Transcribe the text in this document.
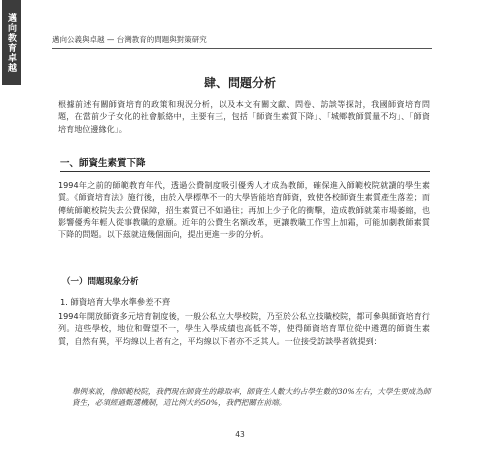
邁向教育卓越	邁向公義與卓越 — 台灣教育的問題與對策研究
肆、問題分析
根據前述有關師資培育的政策和現況分析，以及本文有關文獻、問卷、訪談等探討，我國師資培育問題，在當前少子女化的社會脈絡中，主要有三，包括「師資生素質下降」、「城鄉教師質量不均」、「師資培育地位邊緣化」。
一、師資生素質下降
1994年之前的師範教育年代，透過公費制度吸引優秀人才成為教師，確保進入師範校院就讀的學生素質。《師資培育法》施行後，由於入學標準不一的大學皆能培育師資，致使各校師資生素質產生落差；而傳統師範校院失去公費保障，招生素質已不如過往；再加上少子化的衝擊，造成教師就業市場萎縮，也影響優秀年輕人從事教職的意願。近年的公費生名額改革，更讓教職工作雪上加霜，可能加劇教師素質下降的問題。以下茲就這幾個面向，提出更進一步的分析。
（一）問題現象分析
1. 師資培育大學水準參差不齊
1994年開放師資多元培育制度後，一般公私立大學校院，乃至於公私立技職校院，都可參與師資培育行列。這些學校，地位和聲望不一，學生入學成績也高低不等，使得師資培育單位從中遴選的師資生素質，自然有異，平均線以上者有之，平均線以下者亦不乏其人。一位接受訪談學者就提到：
舉例來說，像師範校院，我們現在師資生的錄取率，師資生人數大約占學生數的30%左右，大學生要成為師資生，必須經過甄選機制，這比例大約50%，我們把關在前端。
43
